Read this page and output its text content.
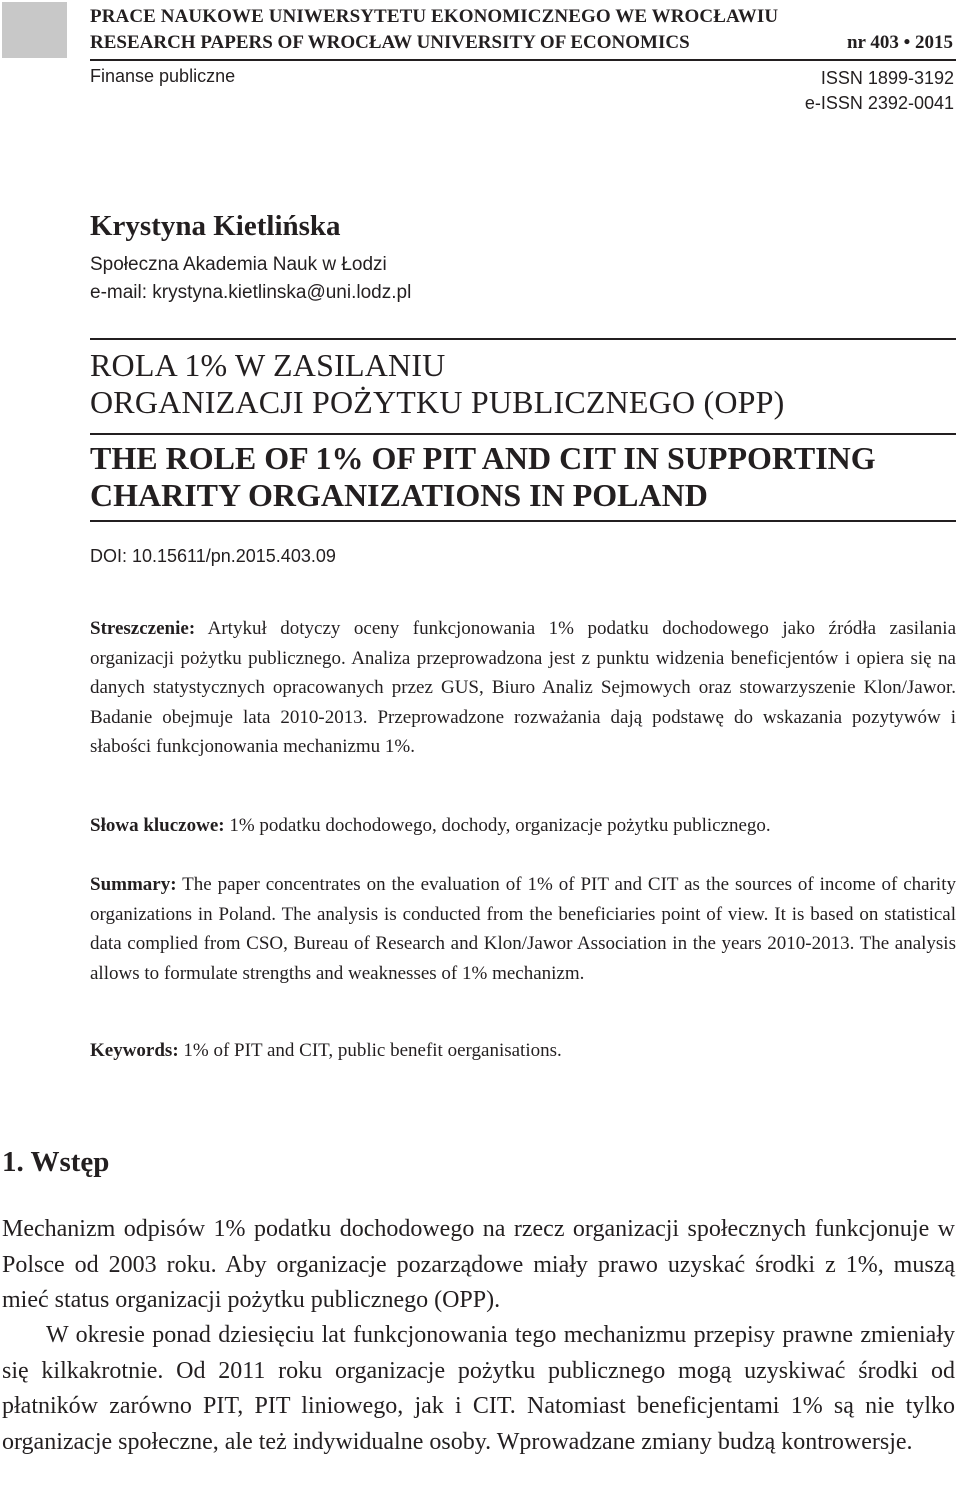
PRACE NAUKOWE UNIWERSYTETU EKONOMICZNEGO WE WROCŁAWIU
RESEARCH PAPERS OF WROCŁAW UNIVERSITY OF ECONOMICS	nr 403 • 2015
Finanse publiczne	ISSN 1899-3192
e-ISSN 2392-0041
Krystyna Kietlińska
Społeczna Akademia Nauk w Łodzi
e-mail: krystyna.kietlinska@uni.lodz.pl
ROLA 1% W ZASILANIU
ORGANIZACJI POŻYTKU PUBLICZNEGO (OPP)
THE ROLE OF 1% OF PIT AND CIT IN SUPPORTING
CHARITY ORGANIZATIONS IN POLAND
DOI: 10.15611/pn.2015.403.09

Streszczenie: Artykuł dotyczy oceny funkcjonowania 1% podatku dochodowego jako źródła zasilania organizacji pożytku publicznego. Analiza przeprowadzona jest z punktu widzenia beneficjentów i opiera się na danych statystycznych opracowanych przez GUS, Biuro Analiz Sejmowych oraz stowarzyszenie Klon/Jawor. Badanie obejmuje lata 2010-2013. Przeprowadzone rozważania dają podstawę do wskazania pozytywów i słabości funkcjonowania mechanizmu 1%.

Słowa kluczowe: 1% podatku dochodowego, dochody, organizacje pożytku publicznego.

Summary: The paper concentrates on the evaluation of 1% of PIT and CIT as the sources of income of charity organizations in Poland. The analysis is conducted from the beneficiaries point of view. It is based on statistical data complied from CSO, Bureau of Research and Klon/Jawor Association in the years 2010-2013. The analysis allows to formulate strengths and weaknesses of 1% mechanizm.

Keywords: 1% of PIT and CIT, public benefit oerganisations.

1. Wstęp

Mechanizm odpisów 1% podatku dochodowego na rzecz organizacji społecznych funkcjonuje w Polsce od 2003 roku. Aby organizacje pozarządowe miały prawo uzyskać środki z 1%, muszą mieć status organizacji pożytku publicznego (OPP).

W okresie ponad dziesięciu lat funkcjonowania tego mechanizmu przepisy prawne zmieniały się kilkakrotnie. Od 2011 roku organizacje pożytku publicznego mogą uzyskiwać środki od płatników zarówno PIT, PIT liniowego, jak i CIT. Natomiast beneficjentami 1% są nie tylko organizacje społeczne, ale też indywidualne osoby. Wprowadzane zmiany budzą kontrowersje.
